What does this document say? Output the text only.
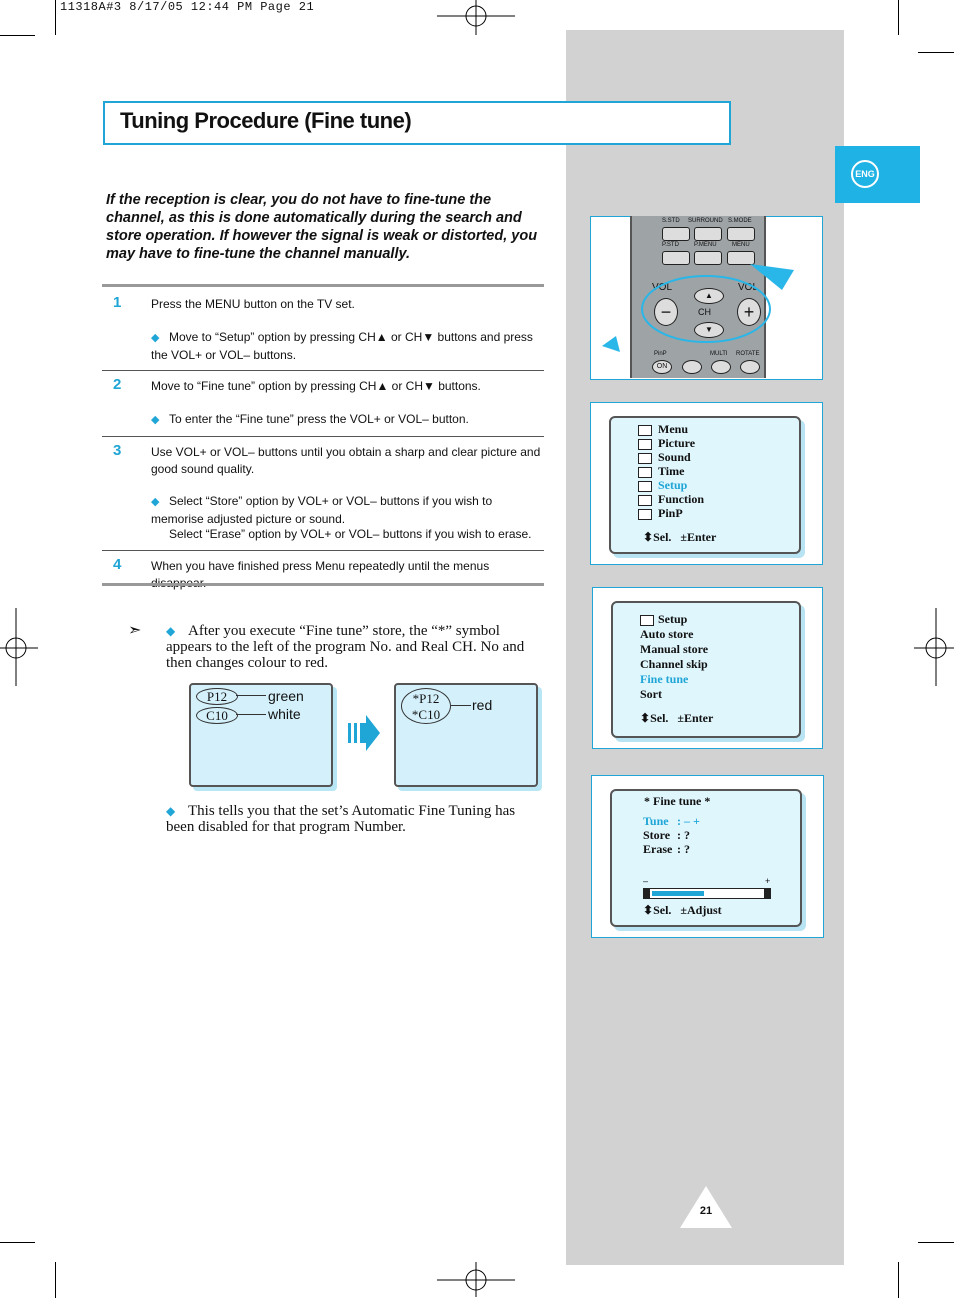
11318A#3 8/17/05 12:44 PM Page 21
ENG
Tuning Procedure (Fine tune)
If the reception is clear, you do not have to fine-tune the channel, as this is done automatically during the search and store operation. If however the signal is weak or distorted, you may have to fine-tune the channel manually.
1 Press the MENU button on the TV set.
◆ Move to “Setup” option by pressing CH▲ or CH▼ buttons and press the VOL+ or VOL– buttons.
2 Move to “Fine tune” option by pressing CH▲ or CH▼ buttons.
◆ To enter the “Fine tune” press the VOL+ or VOL– button.
3 Use VOL+ or VOL– buttons until you obtain a sharp and clear picture and good sound quality.
◆ Select “Store” option by VOL+ or VOL– buttons if you wish to memorise adjusted picture or sound.
Select “Erase” option by VOL+ or VOL– buttons if you wish to erase.
4 When you have finished press Menu repeatedly until the menus
➣ ◆ After you execute “Fine tune” store, the “*” symbol appears to the left of the program No. and Real CH. No and then changes colour to red.
P12
C10
green
white
*P12
*C10
red
◆ This tells you that the set’s Automatic Fine Tuning has been disabled for that program Number.
S.STD SURROUND S.MODE
P.STD	P.MENU	MENU
VOL	VOL
−	+
▲
CH
▼
PinP	MULTI ROTATE
ON
Menu
Picture
Sound
Time
Setup
Function
PinP
⬍Sel. ±Enter
Setup
Auto store
Manual store
Channel skip
Fine tune
Sort
⬍Sel. ±Enter
* Fine tune *
Tune : – +
Store : ?
Erase : ?
–	+
⬍Sel. ±Adjust
21
